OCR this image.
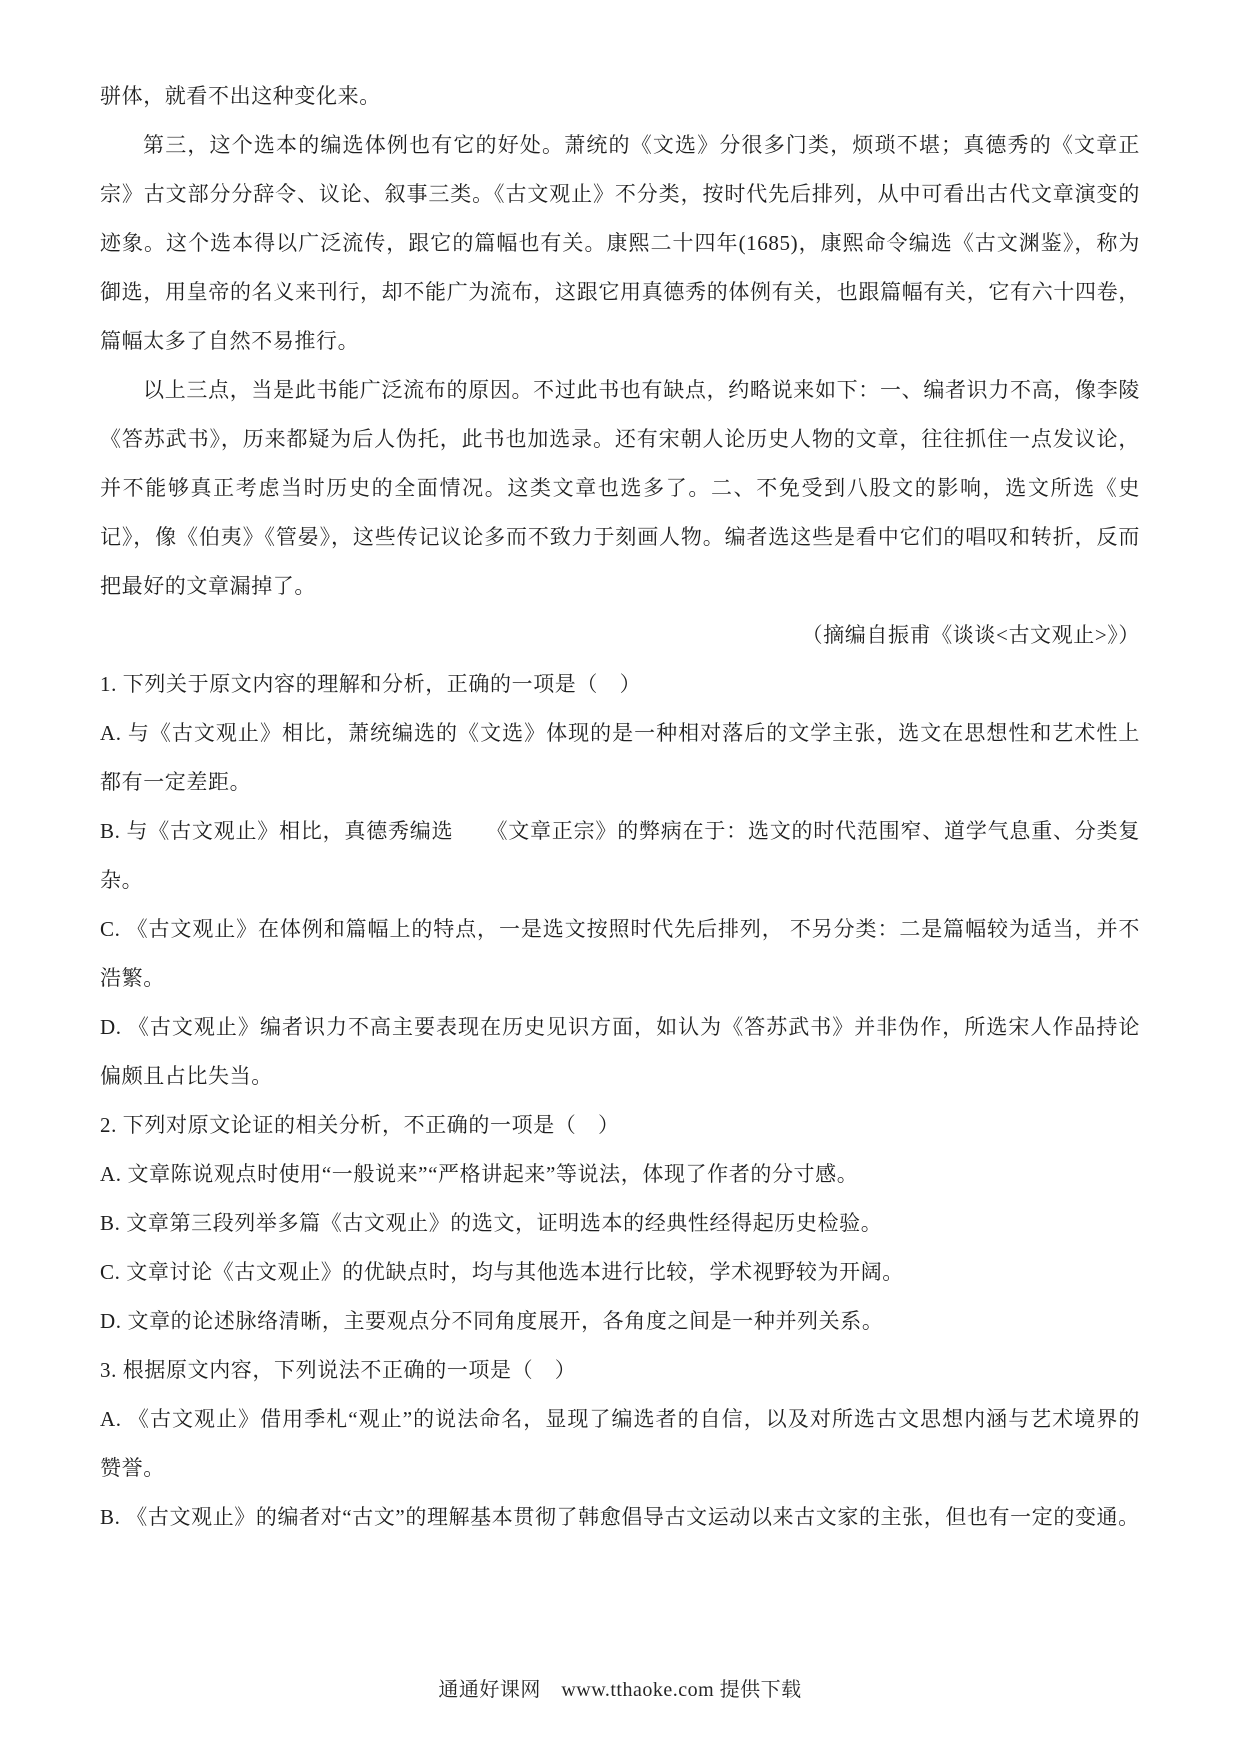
骈体，就看不出这种变化来。

第三，这个选本的编选体例也有它的好处。萧统的《文选》分很多门类，烦琐不堪；真德秀的《文章正宗》古文部分分辞令、议论、叙事三类。《古文观止》不分类，按时代先后排列，从中可看出古代文章演变的迹象。这个选本得以广泛流传，跟它的篇幅也有关。康熙二十四年(1685)，康熙命令编选《古文渊鉴》，称为御选，用皇帝的名义来刊行，却不能广为流布，这跟它用真德秀的体例有关，也跟篇幅有关，它有六十四卷，篇幅太多了自然不易推行。

以上三点，当是此书能广泛流布的原因。不过此书也有缺点，约略说来如下：一、编者识力不高，像李陵《答苏武书》，历来都疑为后人伪托，此书也加选录。还有宋朝人论历史人物的文章，往往抓住一点发议论，并不能够真正考虑当时历史的全面情况。这类文章也选多了。二、不免受到八股文的影响，选文所选《史记》，像《伯夷》《管晏》，这些传记议论多而不致力于刻画人物。编者选这些是看中它们的唱叹和转折，反而把最好的文章漏掉了。

（摘编自振甫《谈谈<古文观止>》）

1. 下列关于原文内容的理解和分析，正确的一项是（　）

A. 与《古文观止》相比，萧统编选的《文选》体现的是一种相对落后的文学主张，选文在思想性和艺术性上都有一定差距。

B. 与《古文观止》相比，真德秀编选　　《文章正宗》的弊病在于：选文的时代范围窄、道学气息重、分类复杂。

C. 《古文观止》在体例和篇幅上的特点，一是选文按照时代先后排列， 不另分类：二是篇幅较为适当，并不浩繁。

D. 《古文观止》编者识力不高主要表现在历史见识方面，如认为《答苏武书》并非伪作，所选宋人作品持论偏颇且占比失当。

2. 下列对原文论证的相关分析，不正确的一项是（　）

A. 文章陈说观点时使用“一般说来”“严格讲起来”等说法，体现了作者的分寸感。

B. 文章第三段列举多篇《古文观止》的选文，证明选本的经典性经得起历史检验。

C. 文章讨论《古文观止》的优缺点时，均与其他选本进行比较，学术视野较为开阔。

D. 文章的论述脉络清晰，主要观点分不同角度展开，各角度之间是一种并列关系。

3. 根据原文内容，下列说法不正确的一项是（　）

A. 《古文观止》借用季札“观止”的说法命名，显现了编选者的自信，以及对所选古文思想内涵与艺术境界的赞誉。

B. 《古文观止》的编者对“古文”的理解基本贯彻了韩愈倡导古文运动以来古文家的主张，但也有一定的变通。

通通好课网　www.tthaoke.com 提供下载
